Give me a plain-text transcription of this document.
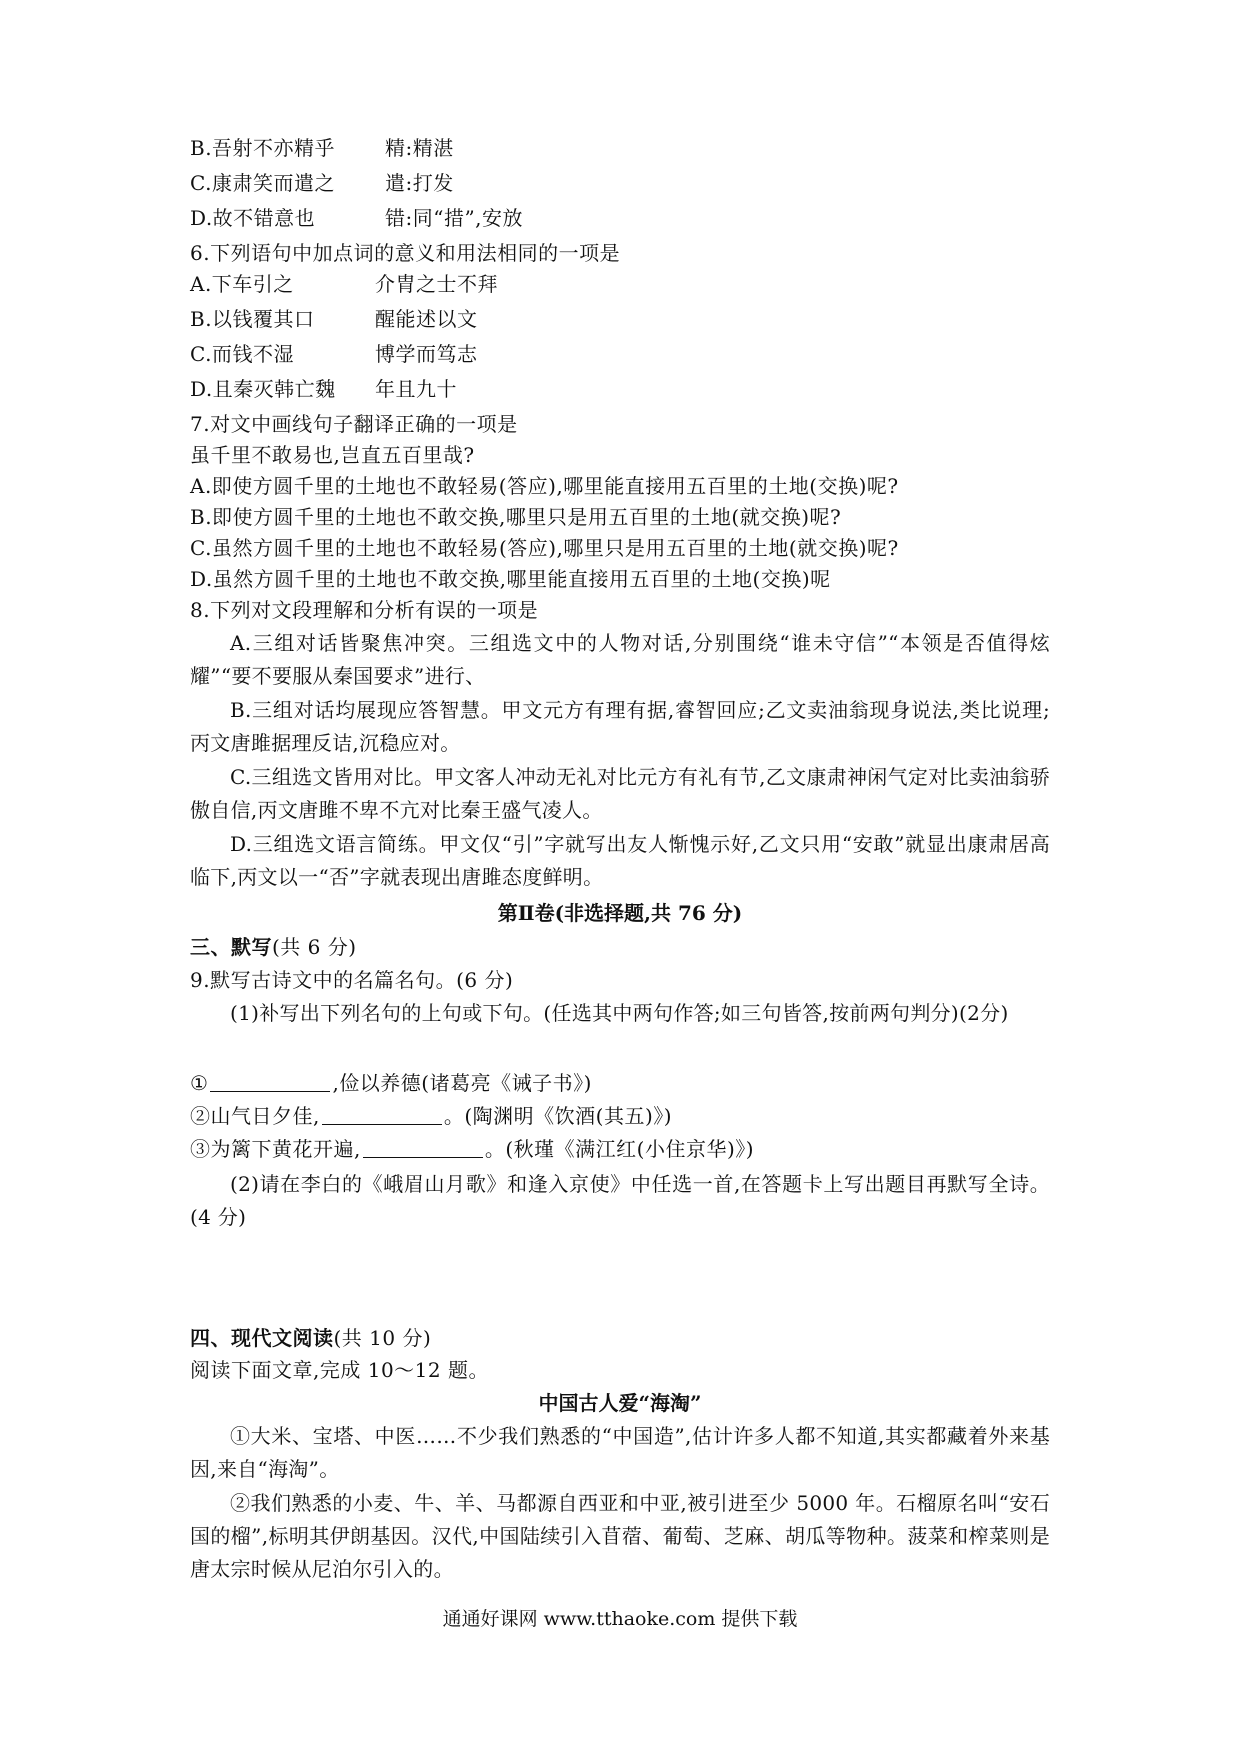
B.吾射不亦精乎 精:精湛
C.康肃笑而遣之	遣:打发
D.故不错意也	错:同“措”,安放
6.下列语句中加点词的意义和用法相同的一项是
A.下车引之	介胄之士不拜
B.以钱覆其口	醒能述以文
C.而钱不湿	博学而笃志
D.且秦灭韩亡魏 年且九十
7.对文中画线句子翻译正确的一项是
虽千里不敢易也,岂直五百里哉?
A.即使方圆千里的土地也不敢轻易(答应),哪里能直接用五百里的土地(交换)呢?
B.即使方圆千里的土地也不敢交换,哪里只是用五百里的土地(就交换)呢?
C.虽然方圆千里的土地也不敢轻易(答应),哪里只是用五百里的土地(就交换)呢?
D.虽然方圆千里的土地也不敢交换,哪里能直接用五百里的土地(交换)呢
8.下列对文段理解和分析有误的一项是
A.三组对话皆聚焦冲突。三组选文中的人物对话,分别围绕“谁未守信”“本领是否值得炫耀”“要不要服从秦国要求”进行、
B.三组对话均展现应答智慧。甲文元方有理有据,睿智回应;乙文卖油翁现身说法,类比说理;丙文唐雎据理反诘,沉稳应对。
C.三组选文皆用对比。甲文客人冲动无礼对比元方有礼有节,乙文康肃神闲气定对比卖油翁骄傲自信,丙文唐雎不卑不亢对比秦王盛气凌人。
D.三组选文语言简练。甲文仅“引”字就写出友人惭愧示好,乙文只用“安敢”就显出康肃居高临下,丙文以一“否”字就表现出唐雎态度鲜明。
第Ⅱ卷(非选择题,共 76 分)
三、默写(共 6 分)
9.默写古诗文中的名篇名句。(6 分)
(1)补写出下列名句的上句或下句。(任选其中两句作答;如三句皆答,按前两句判分)(2分)
①	,俭以养德(诸葛亮《诫子书》)
②山气日夕佳,	。(陶渊明《饮酒(其五)》)
③为篱下黄花开遍,	。(秋瑾《满江红(小住京华)》)
(2)请在李白的《峨眉山月歌》和逢入京使》中任选一首,在答题卡上写出题目再默写全诗。(4 分)
四、现代文阅读(共 10 分)
阅读下面文章,完成 10～12 题。
中国古人爱“海淘”
①大米、宝塔、中医……不少我们熟悉的“中国造”,估计许多人都不知道,其实都藏着外来基因,来自“海淘”。
②我们熟悉的小麦、牛、羊、马都源自西亚和中亚,被引进至少 5000 年。石榴原名叫“安石国的榴”,标明其伊朗基因。汉代,中国陆续引入苜蓿、葡萄、芝麻、胡瓜等物种。菠菜和榨菜则是唐太宗时候从尼泊尔引入的。
通通好课网 www.tthaoke.com 提供下载
